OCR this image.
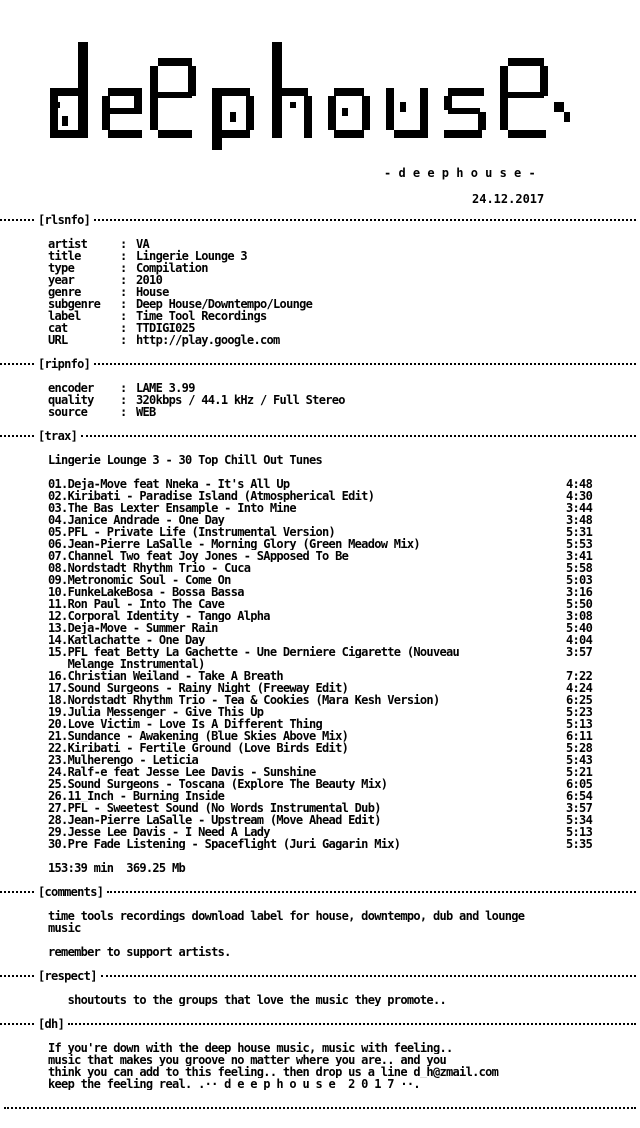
- d e e p h o u s e -
24.12.2017
[rlsnfo]
artist	: VA
title	: Lingerie Lounge 3
type	: Compilation
year	: 2010
genre	: House
subgenre	: Deep House/Downtempo/Lounge
label	: Time Tool Recordings
cat	: TTDIGI025
URL	: http://play.google.com
[ripnfo]
encoder	: LAME 3.99
quality	: 320kbps / 44.1 kHz / Full Stereo
source	: WEB
[trax]
Lingerie Lounge 3 - 30 Top Chill Out Tunes
01.Deja-Move feat Nneka - It's All Up	4:48
02.Kiribati - Paradise Island (Atmospherical Edit)	4:30
03.The Bas Lexter Ensample - Into Mine	3:44
04.Janice Andrade - One Day	3:48
05.PFL - Private Life (Instrumental Version)	5:31
06.Jean-Pierre LaSalle - Morning Glory (Green Meadow Mix)	5:53
07.Channel Two feat Joy Jones - SApposed To Be	3:41
08.Nordstadt Rhythm Trio - Cuca	5:58
09.Metronomic Soul - Come On	5:03
10.FunkeLakeBosa - Bossa Bassa	3:16
11.Ron Paul - Into The Cave	5:50
12.Corporal Identity - Tango Alpha	3:08
13.Deja-Move - Summer Rain	5:40
14.Katlachatte - One Day	4:04
15.PFL feat Betty La Gachette - Une Derniere Cigarette (Nouveau	3:57
Melange Instrumental)
16.Christian Weiland - Take A Breath	7:22
17.Sound Surgeons - Rainy Night (Freeway Edit)	4:24
18.Nordstadt Rhythm Trio - Tea & Cookies (Mara Kesh Version)	6:25
19.Julia Messenger - Give This Up	5:23
20.Love Victim - Love Is A Different Thing	5:13
21.Sundance - Awakening (Blue Skies Above Mix)	6:11
22.Kiribati - Fertile Ground (Love Birds Edit)	5:28
23.Mulherengo - Leticia	5:43
24.Ralf-e feat Jesse Lee Davis - Sunshine	5:21
25.Sound Surgeons - Toscana (Explore The Beauty Mix)	6:05
26.11_Inch - Burning Inside	6:54
27.PFL - Sweetest Sound (No Words Instrumental Dub)	3:57
28.Jean-Pierre LaSalle - Upstream (Move Ahead Edit)	5:34
29.Jesse Lee Davis - I Need A Lady	5:13
30.Pre Fade Listening - Spaceflight (Juri Gagarin Mix)	5:35
153:39 min  369.25 Mb
[comments]
time tools recordings download label for house, downtempo, dub and lounge
music
remember to support artists.
[respect]
shoutouts to the groups that love the music they promote..
[dh]
If you're down with the deep house music, music with feeling..
music that makes you groove no matter where you are.. and you
think you can add to this feeling.. then drop us a line d_h@zmail.com
keep the feeling real. .·· d e e p h o u s e  2 0 1 7 ··.
